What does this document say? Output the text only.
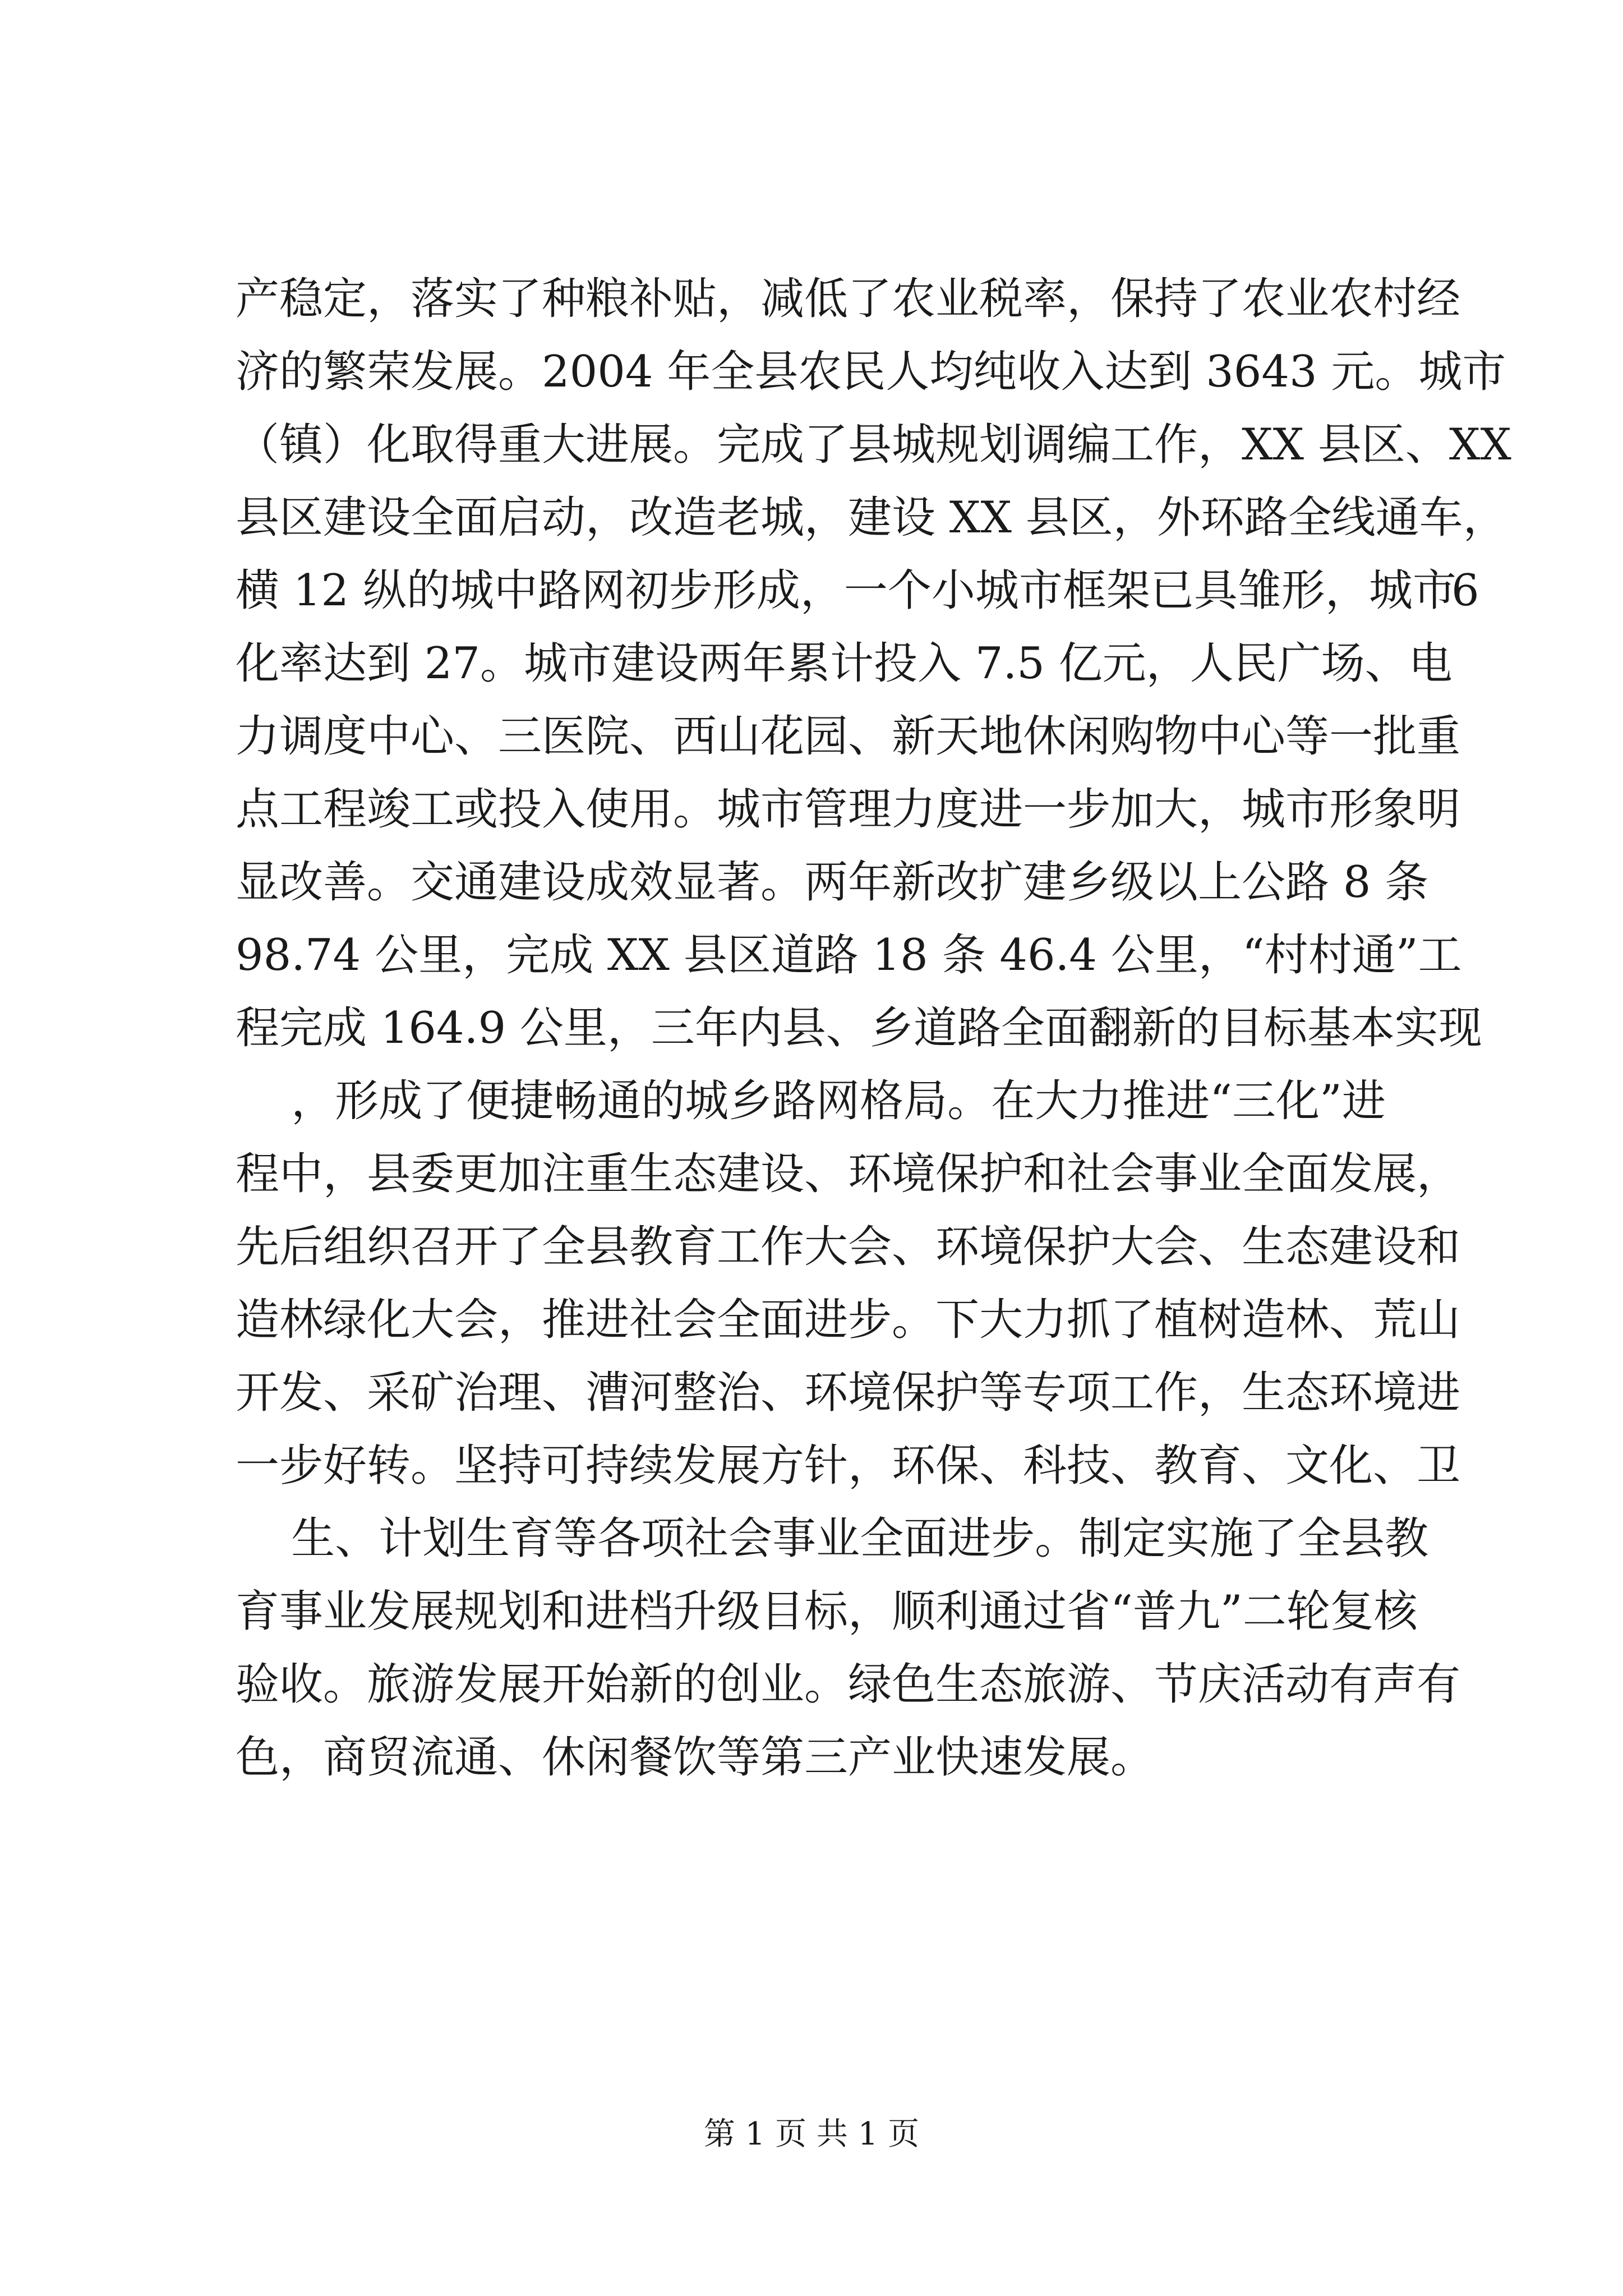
产稳定，落实了种粮补贴，减低了农业税率，保持了农业农村经
济的繁荣发展。2004 年全县农民人均纯收入达到 3643 元。城市
（镇）化取得重大进展。完成了县城规划调编工作，XX 县区、XX
县区建设全面启动，改造老城，建设 XX 县区，外环路全线通车，
横 12 纵的城中路网初步形成，一个小城市框架已具雏形，城市
化率达到 27。城市建设两年累计投入 7.5 亿元，人民广场、电
力调度中心、三医院、西山花园、新天地休闲购物中心等一批重
点工程竣工或投入使用。城市管理力度进一步加大，城市形象明
显改善。交通建设成效显著。两年新改扩建乡级以上公路 8 条
98.74 公里，完成 XX 县区道路 18 条 46.4 公里，“村村通”工
程完成 164.9 公里，三年内县、乡道路全面翻新的目标基本实现
，形成了便捷畅通的城乡路网格局。在大力推进“三化”进
程中，县委更加注重生态建设、环境保护和社会事业全面发展，
先后组织召开了全县教育工作大会、环境保护大会、生态建设和
造林绿化大会，推进社会全面进步。下大力抓了植树造林、荒山
开发、采矿治理、漕河整治、环境保护等专项工作，生态环境进
一步好转。坚持可持续发展方针，环保、科技、教育、文化、卫
生、计划生育等各项社会事业全面进步。制定实施了全县教
育事业发展规划和进档升级目标，顺利通过省“普九”二轮复核
验收。旅游发展开始新的创业。绿色生态旅游、节庆活动有声有
色，商贸流通、休闲餐饮等第三产业快速发展。
6
第 1 页 共 1 页
